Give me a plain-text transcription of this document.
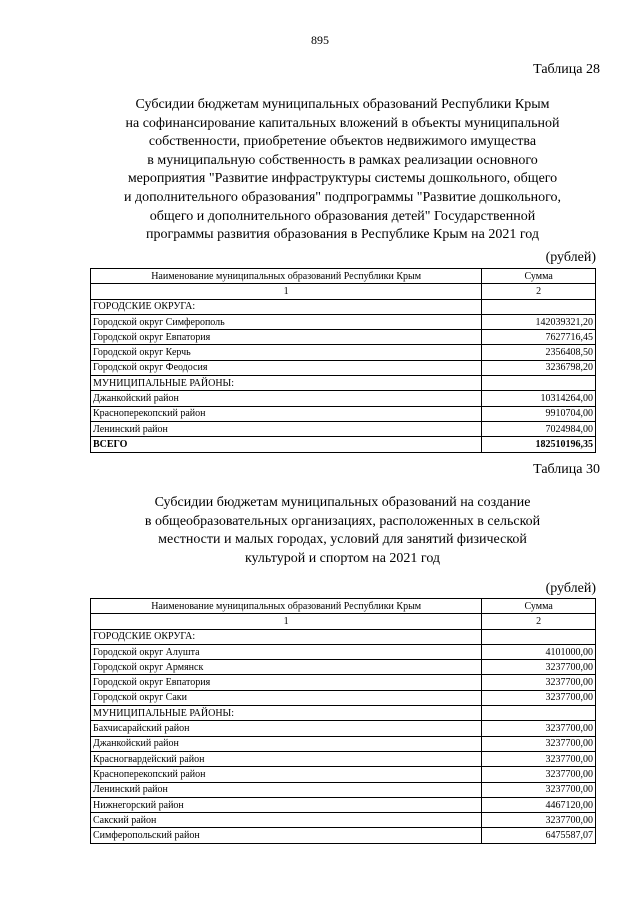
895
Таблица 28
Субсидии бюджетам муниципальных образований Республики Крым
на софинансирование капитальных вложений в объекты муниципальной
собственности, приобретение объектов недвижимого имущества
в муниципальную собственность в рамках реализации основного
мероприятия "Развитие инфраструктуры системы дошкольного, общего
и дополнительного образования" подпрограммы "Развитие дошкольного,
общего и дополнительного образования детей" Государственной
программы развития образования в Республике Крым на 2021 год
(рублей)
Наименование муниципальных образований Республики Крым	Сумма
1	2
ГОРОДСКИЕ ОКРУГА:	
Городской округ Симферополь	142039321,20
Городской округ Евпатория	7627716,45
Городской округ Керчь	2356408,50
Городской округ Феодосия	3236798,20
МУНИЦИПАЛЬНЫЕ РАЙОНЫ:	
Джанкойский район	10314264,00
Красноперекопский район	9910704,00
Ленинский район	7024984,00
ВСЕГО	182510196,35
Таблица 30
Субсидии бюджетам муниципальных образований на создание
в общеобразовательных организациях, расположенных в сельской
местности и малых городах, условий для занятий физической
культурой и спортом на 2021 год
(рублей)
Наименование муниципальных образований Республики Крым	Сумма
1	2
ГОРОДСКИЕ ОКРУГА:	
Городской округ Алушта	4101000,00
Городской округ Армянск	3237700,00
Городской округ Евпатория	3237700,00
Городской округ Саки	3237700,00
МУНИЦИПАЛЬНЫЕ РАЙОНЫ:	
Бахчисарайский район	3237700,00
Джанкойский район	3237700,00
Красногвардейский район	3237700,00
Красноперекопский район	3237700,00
Ленинский район	3237700,00
Нижнегорский район	4467120,00
Сакский район	3237700,00
Симферопольский район	6475587,07
